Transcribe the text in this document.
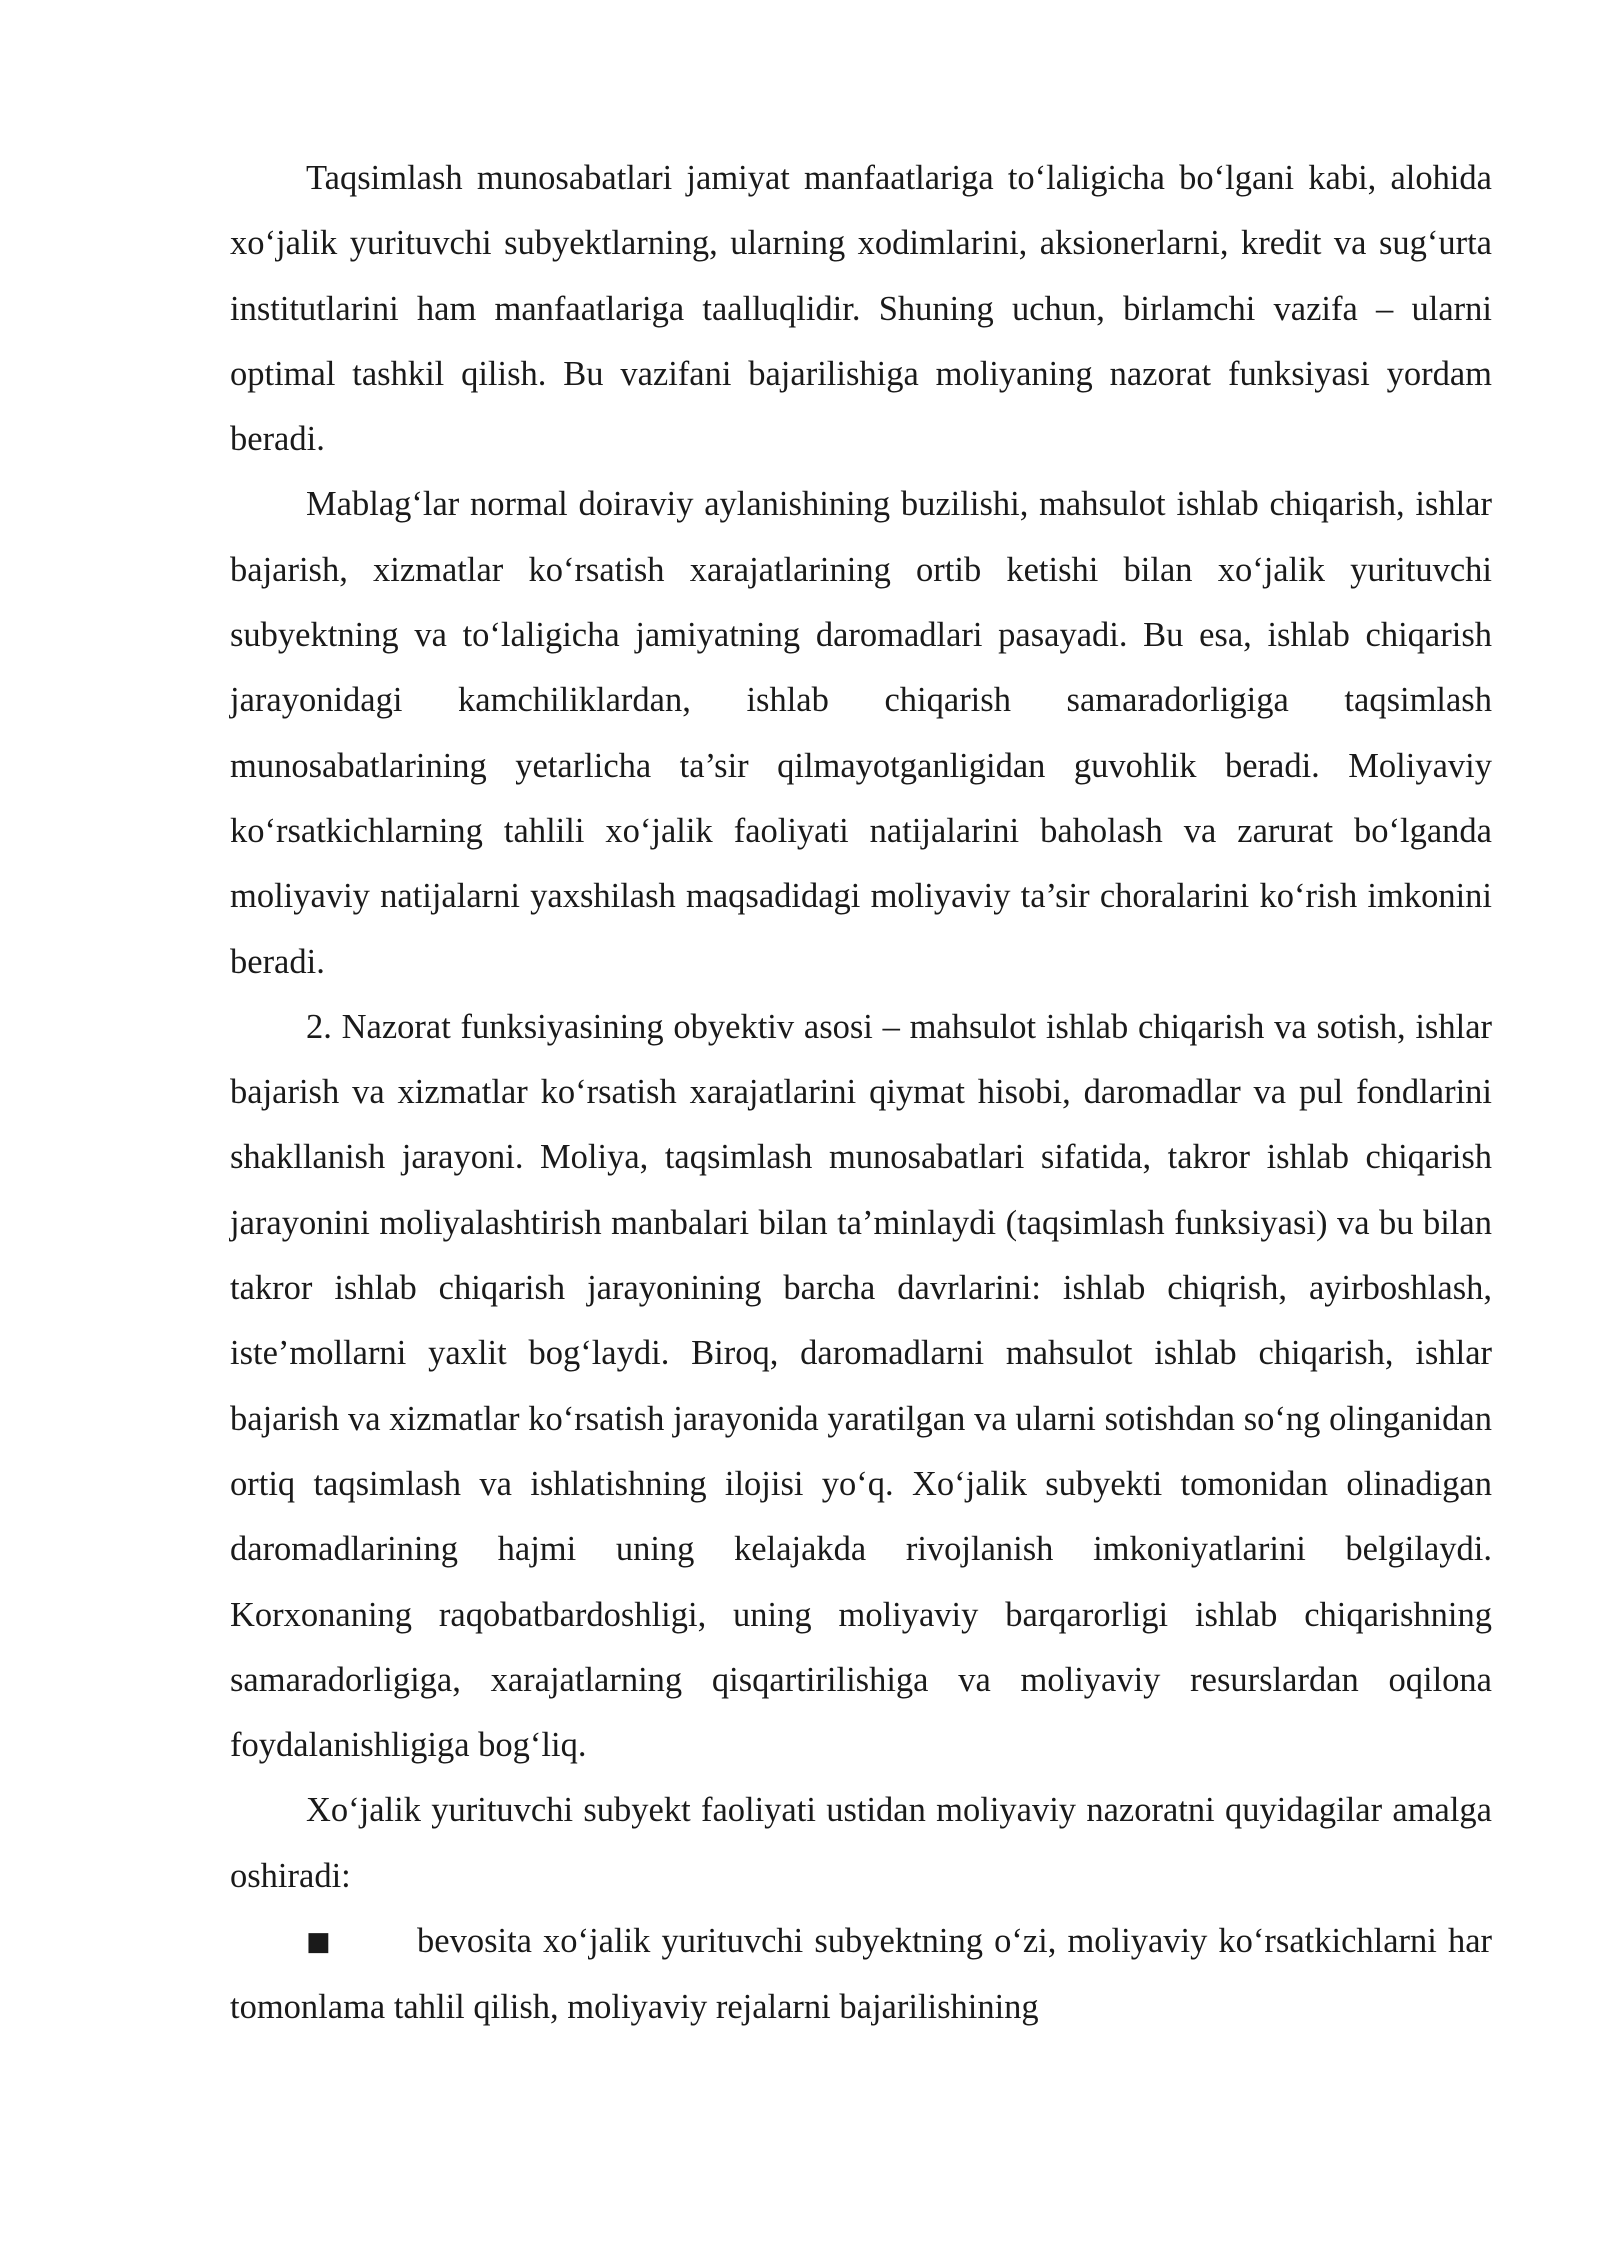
Taqsimlash munosabatlari jamiyat manfaatlariga to‘laligicha bo‘lgani kabi, alohida xo‘jalik yurituvchi subyektlarning, ularning xodimlarini, aksionerlarni, kredit va sug‘urta institutlarini ham manfaatlariga taalluqlidir. Shuning uchun, birlamchi vazifa – ularni optimal tashkil qilish. Bu vazifani bajarilishiga moliyaning nazorat funksiyasi yordam beradi.

Mablag‘lar normal doiraviy aylanishining buzilishi, mahsulot ishlab chiqarish, ishlar bajarish, xizmatlar ko‘rsatish xarajatlarining ortib ketishi bilan xo‘jalik yurituvchi subyektning va to‘laligicha jamiyatning daromadlari pasayadi. Bu esa, ishlab chiqarish jarayonidagi kamchiliklardan, ishlab chiqarish samaradorligiga taqsimlash munosabatlarining yetarlicha ta’sir qilmayotganligidan guvohlik beradi. Moliyaviy ko‘rsatkichlarning tahlili xo‘jalik faoliyati natijalarini baholash va zarurat bo‘lganda moliyaviy natijalarni yaxshilash maqsadidagi moliyaviy ta’sir choralarini ko‘rish imkonini beradi.

2. Nazorat funksiyasining obyektiv asosi – mahsulot ishlab chiqarish va sotish, ishlar bajarish va xizmatlar ko‘rsatish xarajatlarini qiymat hisobi, daromadlar va pul fondlarini shakllanish jarayoni. Moliya, taqsimlash munosabatlari sifatida, takror ishlab chiqarish jarayonini moliyalashtirish manbalari bilan ta’minlaydi (taqsimlash funksiyasi) va bu bilan takror ishlab chiqarish jarayonining barcha davrlarini: ishlab chiqrish, ayirboshlash, iste’mollarni yaxlit bog‘laydi. Biroq, daromadlarni mahsulot ishlab chiqarish, ishlar bajarish va xizmatlar ko‘rsatish jarayonida yaratilgan va ularni sotishdan so‘ng olinganidan ortiq taqsimlash va ishlatishning ilojisi yo‘q. Xo‘jalik subyekti tomonidan olinadigan daromadlarining hajmi uning kelajakda rivojlanish imkoniyatlarini belgilaydi. Korxonaning raqobatbardoshligi, uning moliyaviy barqarorligi ishlab chiqarishning samaradorligiga, xarajatlarning qisqartirilishiga va moliyaviy resurslardan oqilona foydalanishligiga bog‘liq.

Xo‘jalik yurituvchi subyekt faoliyati ustidan moliyaviy nazoratni quyidagilar amalga oshiradi:

■	bevosita xo‘jalik yurituvchi subyektning o‘zi, moliyaviy ko‘rsatkichlarni har tomonlama tahlil qilish, moliyaviy rejalarni bajarilishining
